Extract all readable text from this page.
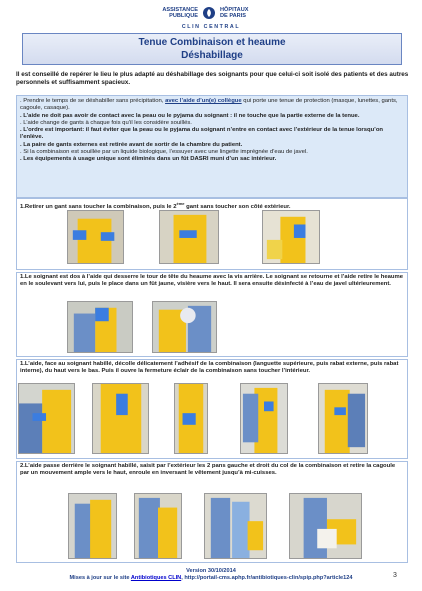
ASSISTANCE
PUBLIQUE
HÔPITAUX
DE PARIS
CLIN CENTRAL
Tenue Combinaison et heaume
Déshabillage
Il est conseillé de repérer le lieu le plus adapté au déshabillage des soignants pour que celui-ci soit isolé des patients et des autres personnels et suffisamment spacieux.

. Prendre le temps de se déshabiller sans précipitation, avec l’aide d’un(e) collègue qui porte une tenue de protection (masque, lunettes, gants, cagoule, casaque).

. L’aide ne doit pas avoir de contact avec la peau ou le pyjama du soignant : il ne touche que la partie externe de la tenue.

. L’aide change de gants à chaque fois qu’il les considère souillés.

. L’ordre est important: il faut éviter que la peau ou le pyjama du soignant n’entre en contact avec l’extérieur de la tenue lorsqu’on l’enlève.

. La paire de gants externes est retirée avant de sortir de la chambre du patient.

. Si la combinaison est souillée par un liquide biologique, l’essuyer avec une lingette imprégnée d’eau de javel.

. Les équipements à usage unique sont éliminés dans un fût DASRI muni d’un sac intérieur.

1.Retirer un gant sans toucher la combinaison, puis le 2ème gant sans toucher son côté extérieur.
1.Le soignant est dos à l’aide qui desserre le tour de tête du heaume avec la vis arrière. Le soignant se retourne et l’aide retire le heaume en le soulevant vers lui, puis le place dans un fût jaune, visière vers le haut. Il sera ensuite désinfecté à l’eau de javel ultérieurement.
1.L’aide, face au soignant habillé, décolle délicatement l’adhésif de la combinaison (languette supérieure, puis rabat externe, puis rabat interne), du haut vers le bas. Puis il ouvre la fermeture éclair de la combinaison sans toucher l’intérieur.
2.L’aide passe derrière le soignant habillé, saisit par l’extérieur les 2 pans gauche et droit du col de la combinaison et retire la cagoule par un mouvement ample vers le haut, enroule en inversant le vêtement jusqu’à mi-cuisses.
Version 30/10/2014
Mises à jour sur le site Antibiotiques CLIN, http://portail-cms.aphp.fr/antibiotiques-clin/spip.php?article124	3
